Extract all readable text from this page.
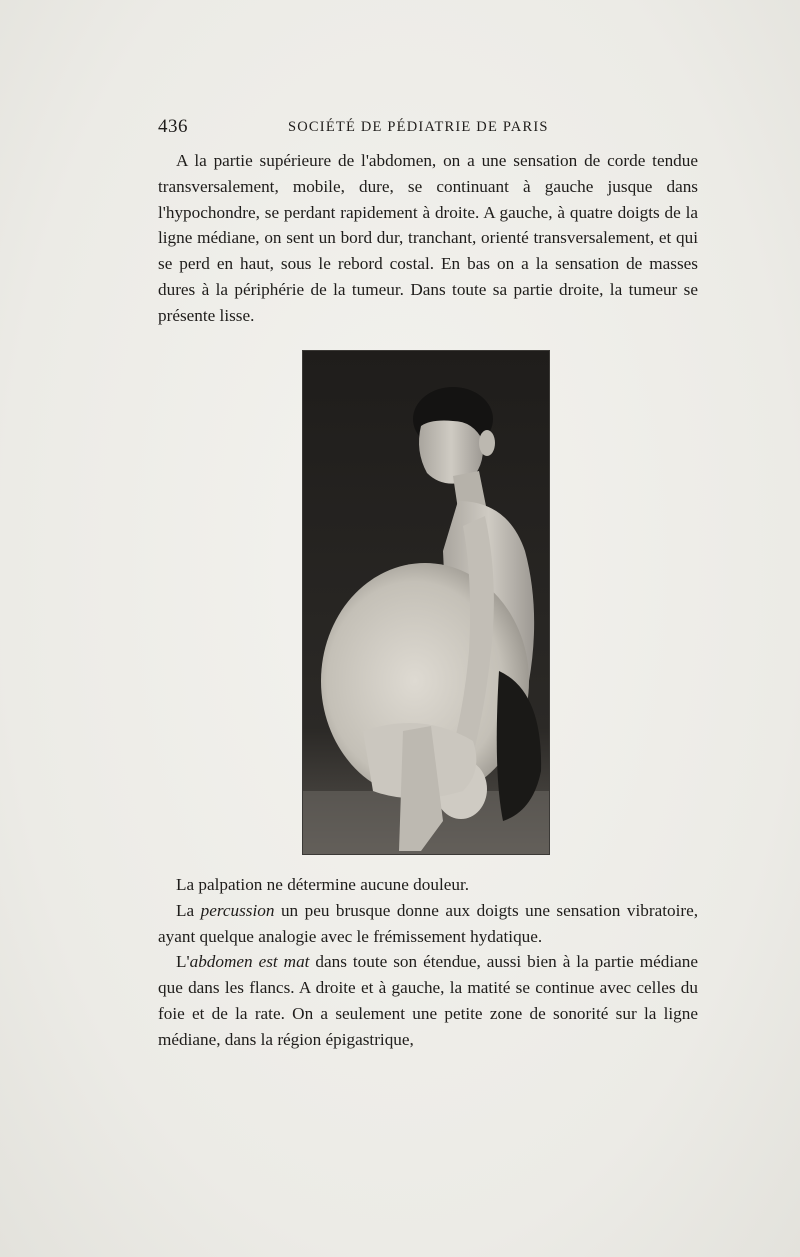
436	SOCIÉTÉ DE PÉDIATRIE DE PARIS

A la partie supérieure de l'abdomen, on a une sensation de corde tendue transversalement, mobile, dure, se continuant à gauche jusque dans l'hypochondre, se perdant rapidement à droite. A gauche, à quatre doigts de la ligne médiane, on sent un bord dur, tranchant, orienté transversalement, et qui se perd en haut, sous le rebord costal. En bas on a la sensation de masses dures à la périphérie de la tumeur. Dans toute sa partie droite, la tumeur se présente lisse.

La palpation ne détermine aucune douleur.

La percussion un peu brusque donne aux doigts une sensation vibratoire, ayant quelque analogie avec le frémissement hydatique.

L'abdomen est mat dans toute son étendue, aussi bien à la partie médiane que dans les flancs. A droite et à gauche, la matité se continue avec celles du foie et de la rate. On a seulement une petite zone de sonorité sur la ligne médiane, dans la région épigastrique,
